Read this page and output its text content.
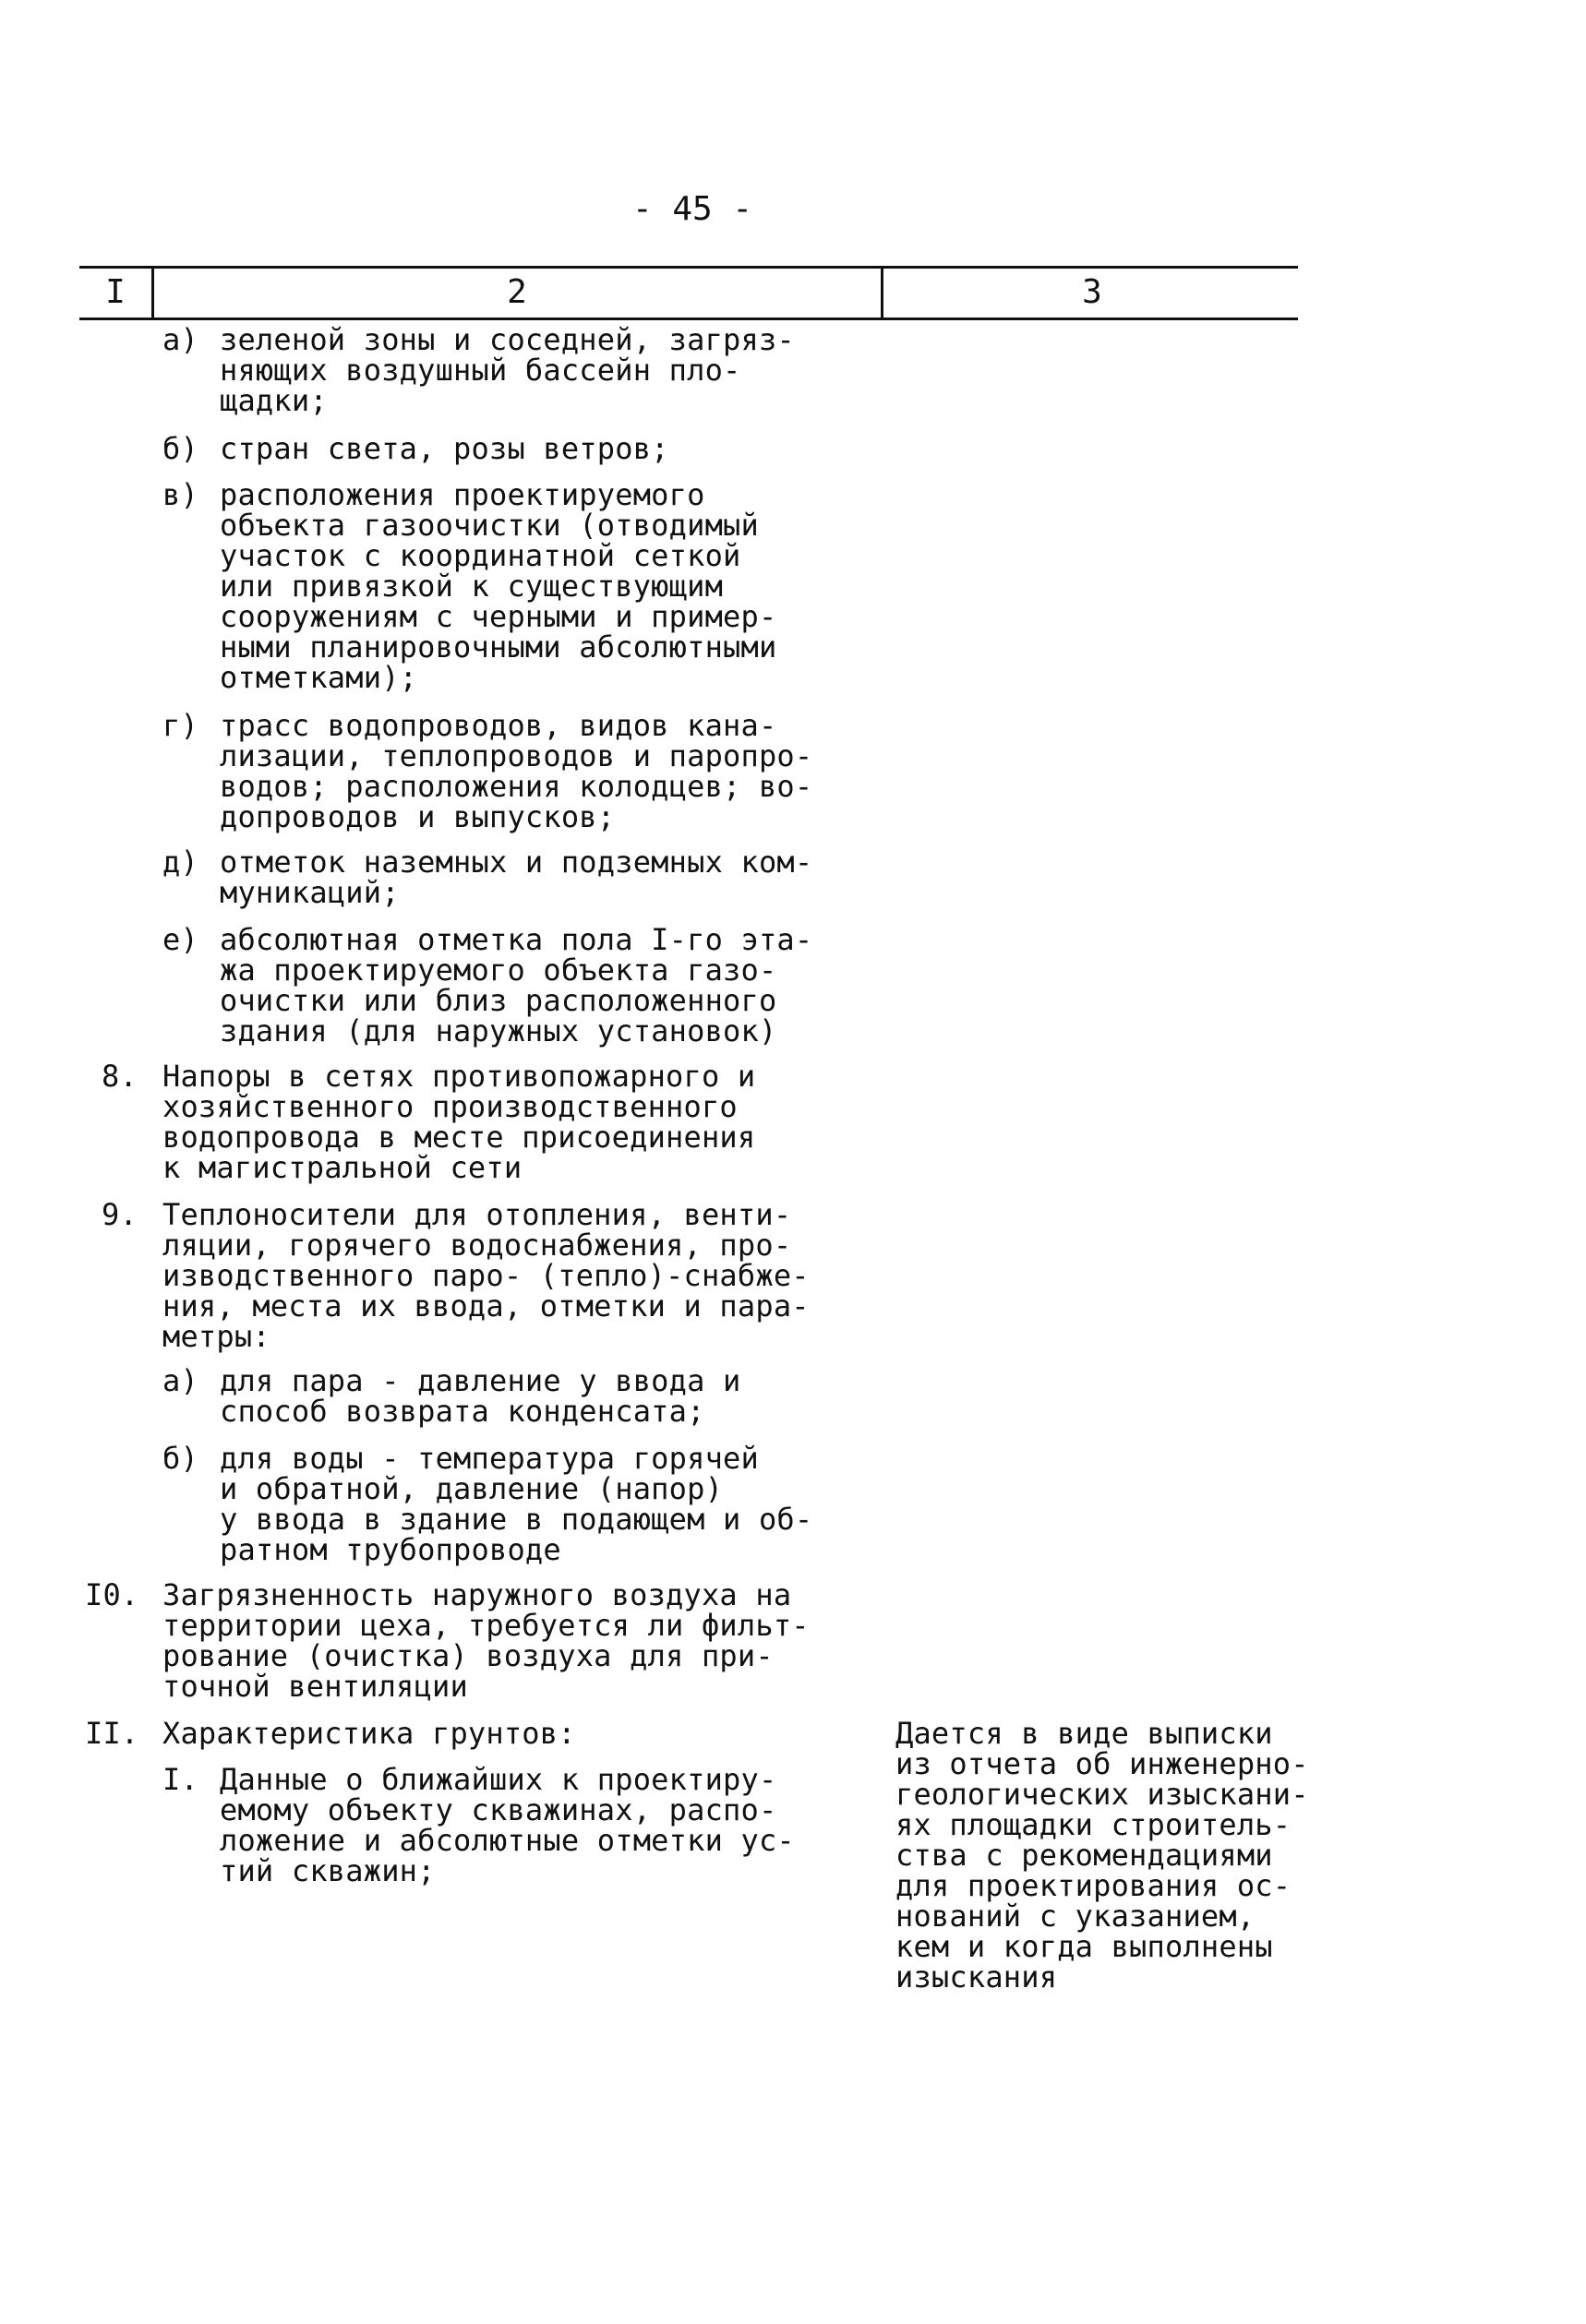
- 45 -
I	2	3
а) зеленой зоны и соседней, загряз-
няющих воздушный бассейн пло-
щадки;
б) стран света, розы ветров;
в) расположения проектируемого
объекта газоочистки (отводимый
участок с координатной сеткой
или привязкой к существующим
сооружениям с черными и пример-
ными планировочными абсолютными
отметками);
г) трасс водопроводов, видов кана-
лизации, теплопроводов и паропро-
водов; расположения колодцев; во-
допроводов и выпусков;
д) отметок наземных и подземных ком-
муникаций;
е) абсолютная отметка пола I-го эта-
жа проектируемого объекта газо-
очистки или близ расположенного
здания (для наружных установок)
8. Напоры в сетях противопожарного и
хозяйственного производственного
водопровода в месте присоединения
к магистральной сети
9. Теплоносители для отопления, венти-
ляции, горячего водоснабжения, про-
изводственного паро- (тепло)-снабже-
ния, места их ввода, отметки и пара-
метры:
а) для пара - давление у ввода и
способ возврата конденсата;
б) для воды - температура горячей
и обратной, давление (напор)
у ввода в здание в подающем и об-
ратном трубопроводе
I0. Загрязненность наружного воздуха на
территории цеха, требуется ли фильт-
рование (очистка) воздуха для при-
точной вентиляции
II. Характеристика грунтов:
I. Данные о ближайших к проектиру-
емому объекту скважинах, распо-
ложение и абсолютные отметки ус-
тий скважин;
Дается в виде выписки
из отчета об инженерно-
геологических изыскани-
ях площадки строитель-
ства с рекомендациями
для проектирования ос-
нований с указанием,
кем и когда выполнены
изыскания
